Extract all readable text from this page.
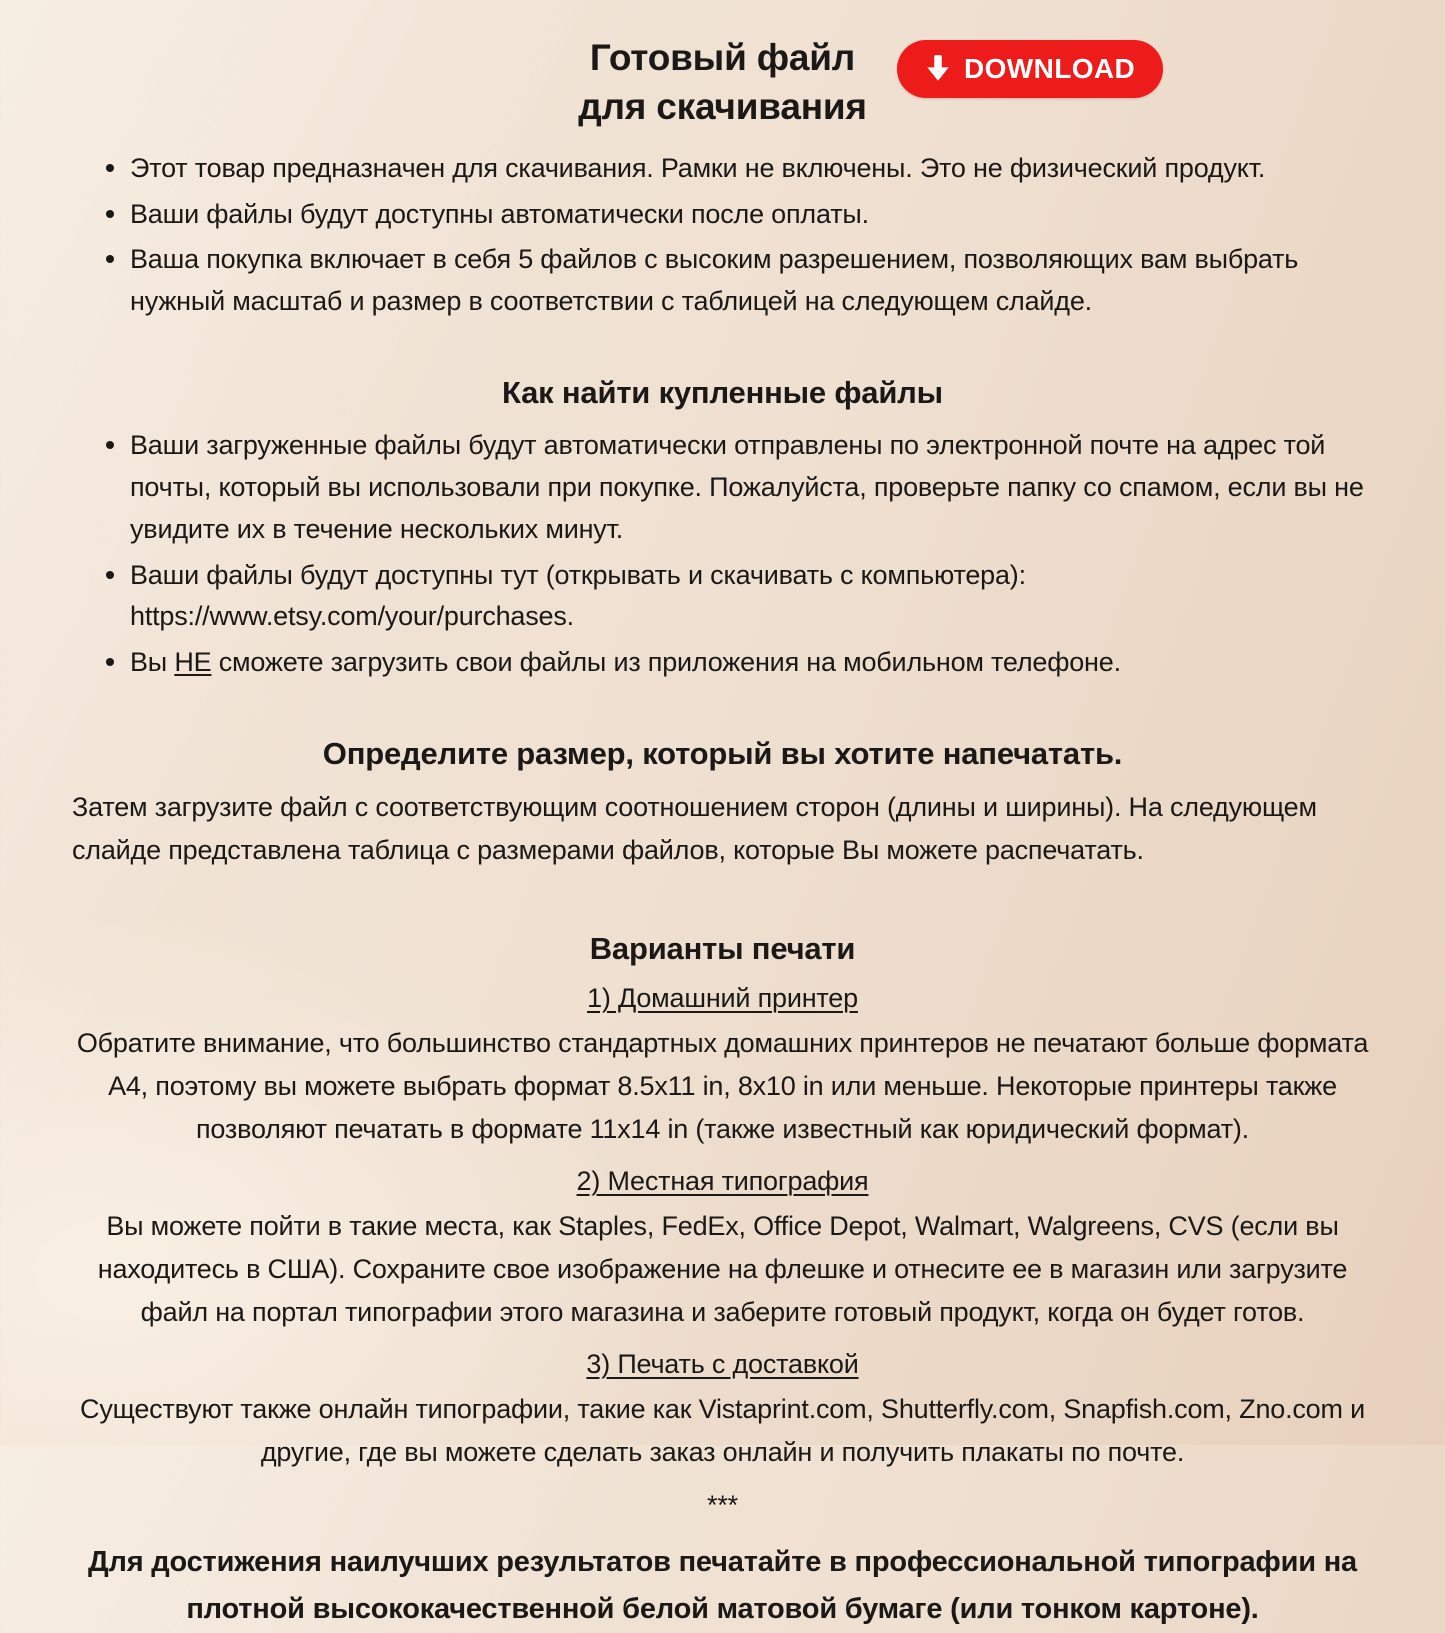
Готовый файл
для скачивания
DOWNLOAD
Этот товар предназначен для скачивания. Рамки не включены. Это не физический продукт.
Ваши файлы будут доступны автоматически после оплаты.
Ваша покупка включает в себя 5 файлов с высоким разрешением, позволяющих вам выбрать нужный масштаб и размер в соответствии с таблицей на следующем слайде.
Как найти купленные файлы
Ваши загруженные файлы будут автоматически отправлены по электронной почте на адрес той почты, который вы использовали при покупке. Пожалуйста, проверьте папку со спамом, если вы не увидите их в течение нескольких минут.
Ваши файлы будут доступны тут (открывать и скачивать с компьютера):
https://www.etsy.com/your/purchases.
Вы НЕ сможете загрузить свои файлы из приложения на мобильном телефоне.
Определите размер, который вы хотите напечатать.
Затем загрузите файл с соответствующим соотношением сторон (длины и ширины). На следующем слайде представлена таблица с размерами файлов, которые Вы можете распечатать.
Варианты печати
1) Домашний принтер
Обратите внимание, что большинство стандартных домашних принтеров не печатают больше формата А4, поэтому вы можете выбрать формат 8.5x11 in, 8x10 in или меньше. Некоторые принтеры также позволяют печатать в формате 11x14 in (также известный как юридический формат).
2) Местная типография
Вы можете пойти в такие места, как Staples, FedEx, Office Depot, Walmart, Walgreens, CVS (если вы находитесь в США). Сохраните свое изображение на флешке и отнесите ее в магазин или загрузите файл на портал типографии этого магазина и заберите готовый продукт, когда он будет готов.
3) Печать с доставкой
Существуют также онлайн типографии, такие как Vistaprint.com, Shutterfly.com, Snapfish.com, Zno.com и другие, где вы можете сделать заказ онлайн и получить плакаты по почте.
***
Для достижения наилучших результатов печатайте в профессиональной типографии на плотной высококачественной белой матовой бумаге (или тонком картоне).
